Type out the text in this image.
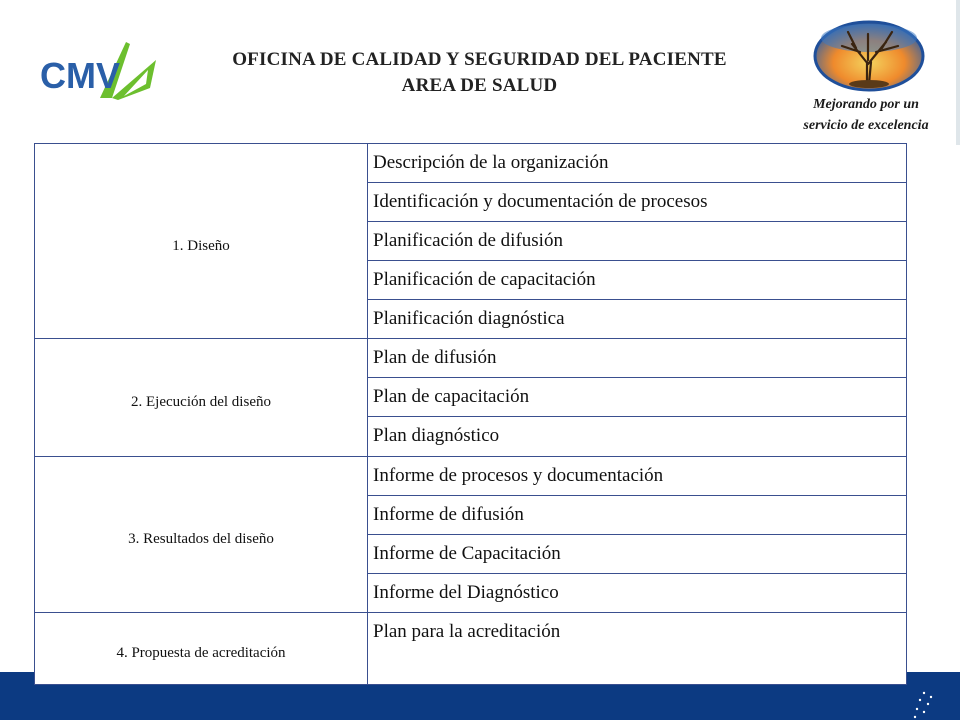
CMV	OFICINA DE CALIDAD Y SEGURIDAD DEL PACIENTE
AREA DE SALUD
Mejorando por un
servicio de excelencia
1. Diseño	Descripción de la organización
	Identificación y documentación de procesos
	Planificación de difusión
	Planificación de capacitación
	Planificación diagnóstica
2. Ejecución del diseño	Plan de difusión
	Plan de capacitación
	Plan diagnóstico
3. Resultados del diseño	Informe de procesos y documentación
	Informe de difusión
	Informe de Capacitación
	Informe del Diagnóstico
4. Propuesta de acreditación	Plan para la acreditación
